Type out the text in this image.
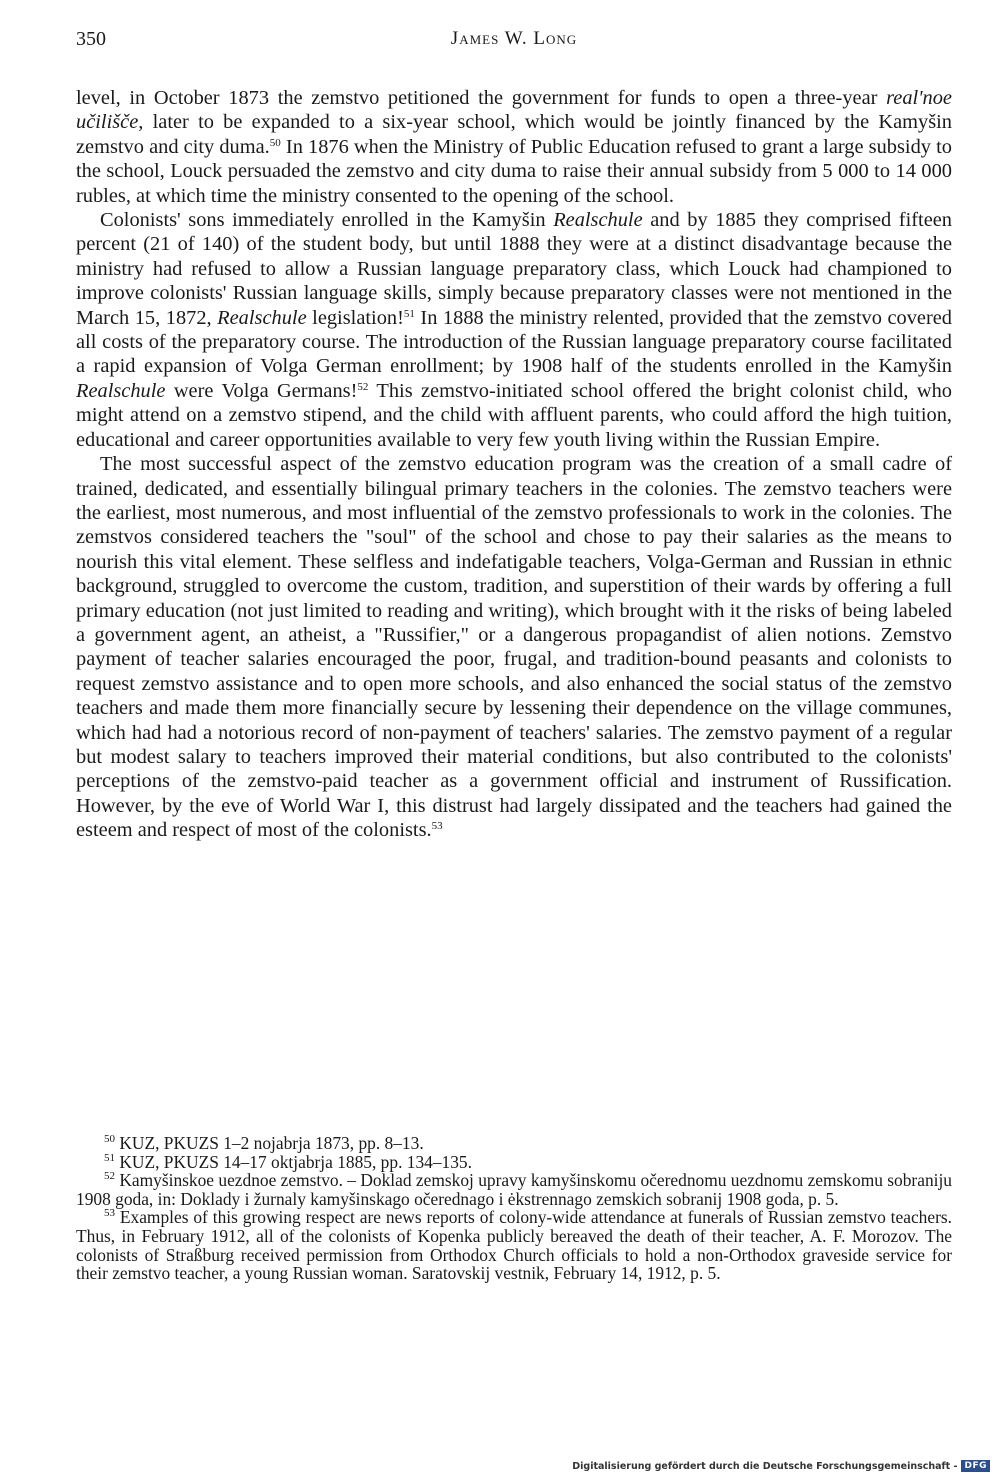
350	James W. Long

level, in October 1873 the zemstvo petitioned the government for funds to open a three-year real'noe učilišče, later to be expanded to a six-year school, which would be jointly financed by the Kamyšin zemstvo and city duma.$^{50}$ In 1876 when the Ministry of Public Education refused to grant a large subsidy to the school, Louck persuaded the zemstvo and city duma to raise their annual subsidy from 5 000 to 14 000 rubles, at which time the ministry consented to the opening of the school.

Colonists' sons immediately enrolled in the Kamyšin Realschule and by 1885 they comprised fifteen percent (21 of 140) of the student body, but until 1888 they were at a distinct disadvantage because the ministry had refused to allow a Russian language preparatory class, which Louck had championed to improve colonists' Russian language skills, simply because preparatory classes were not mentioned in the March 15, 1872, Realschule legislation!$^{51}$ In 1888 the ministry relented, provided that the zemstvo covered all costs of the preparatory course. The introduction of the Russian language preparatory course facilitated a rapid expansion of Volga German enrollment; by 1908 half of the students enrolled in the Kamyšin Realschule were Volga Germans!$^{52}$ This zemstvo-initiated school offered the bright colonist child, who might attend on a zemstvo stipend, and the child with affluent parents, who could afford the high tuition, educational and career opportunities available to very few youth living within the Russian Empire.

The most successful aspect of the zemstvo education program was the creation of a small cadre of trained, dedicated, and essentially bilingual primary teachers in the colonies. The zemstvo teachers were the earliest, most numerous, and most influential of the zemstvo professionals to work in the colonies. The zemstvos considered teachers the "soul" of the school and chose to pay their salaries as the means to nourish this vital element. These selfless and indefatigable teachers, Volga-German and Russian in ethnic background, struggled to overcome the custom, tradition, and superstition of their wards by offering a full primary education (not just limited to reading and writing), which brought with it the risks of being labeled a government agent, an atheist, a "Russifier," or a dangerous propagandist of alien notions. Zemstvo payment of teacher salaries encouraged the poor, frugal, and tradition-bound peasants and colonists to request zemstvo assistance and to open more schools, and also enhanced the social status of the zemstvo teachers and made them more financially secure by lessening their dependence on the village communes, which had had a notorious record of non-payment of teachers' salaries. The zemstvo payment of a regular but modest salary to teachers improved their material conditions, but also contributed to the colonists' perceptions of the zemstvo-paid teacher as a government official and instrument of Russification. However, by the eve of World War I, this distrust had largely dissipated and the teachers had gained the esteem and respect of most of the colonists.$^{53}$

$^{50}$ KUZ, PKUZS 1–2 nojabrja 1873, pp. 8–13.

$^{51}$ KUZ, PKUZS 14–17 oktjabrja 1885, pp. 134–135.

$^{52}$ Kamyšinskoe uezdnoe zemstvo. – Doklad zemskoj upravy kamyšinskomu očerednomu uezdnomu zemskomu sobraniju 1908 goda, in: Doklady i žurnaly kamyšinskago očerednago i ėkstrennago zemskich sobranij 1908 goda, p. 5.

$^{53}$ Examples of this growing respect are news reports of colony-wide attendance at funerals of Russian zemstvo teachers. Thus, in February 1912, all of the colonists of Kopenka publicly bereaved the death of their teacher, A. F. Morozov. The colonists of Straßburg received permission from Orthodox Church officials to hold a non-Orthodox graveside service for their zemstvo teacher, a young Russian woman. Saratovskij vestnik, February 14, 1912, p. 5.

Digitalisierung gefördert durch die Deutsche Forschungsgemeinschaft - DFG
